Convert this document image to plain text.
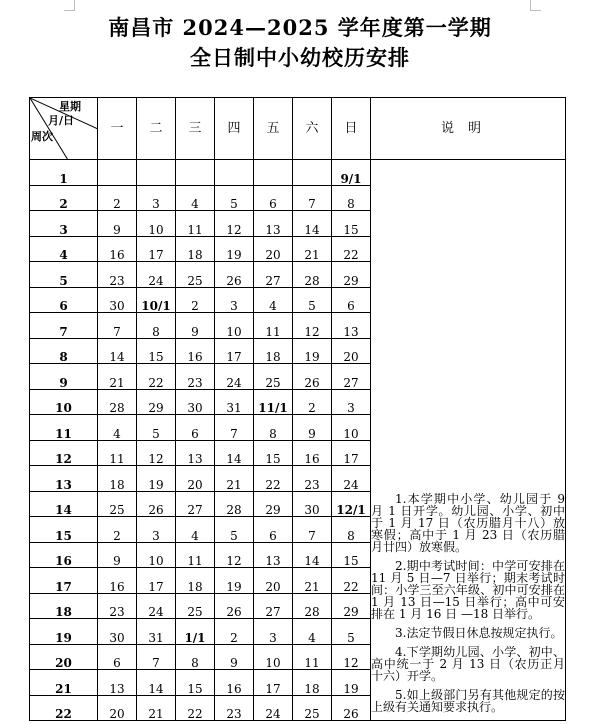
南昌市 2024—2025 学年度第一学期
全日制中小幼校历安排
星期
月/日
周次	一	二	三	四	五	六	日	说明

1							9/1	1.本学期中小学、幼儿园于 9 月 1 日开学。幼儿园、小学、初中于 1 月 17 日（农历腊月十八）放寒假；高中于 1 月 23 日（农历腊月廿四）放寒假。

2.期中考试时间：中学可安排在 11 月 5 日—7 日举行；期末考试时间：小学三至六年级、初中可安排在 1 月 13 日—15 日举行；高中可安排在 1 月 16 日 —18 日举行。

3.法定节假日休息按规定执行。

4.下学期幼儿园、小学、初中、高中统一于 2 月 13 日（农历正月十六）开学。

5.如上级部门另有其他规定的按上级有关通知要求执行。

2	2	3	4	5	6	7	8	

3	9	10	11	12	13	14	15	

4	16	17	18	19	20	21	22	

5	23	24	25	26	27	28	29	

6	30	10/1	2	3	4	5	6	

7	7	8	9	10	11	12	13	

8	14	15	16	17	18	19	20	

9	21	22	23	24	25	26	27	

10	28	29	30	31	11/1	2	3	

11	4	5	6	7	8	9	10	

12	11	12	13	14	15	16	17	

13	18	19	20	21	22	23	24	

14	25	26	27	28	29	30	12/1	

15	2	3	4	5	6	7	8	

16	9	10	11	12	13	14	15	

17	16	17	18	19	20	21	22	

18	23	24	25	26	27	28	29	

19	30	31	1/1	2	3	4	5	

20	6	7	8	9	10	11	12	

21	13	14	15	16	17	18	19	

22	20	21	22	23	24	25	26	
